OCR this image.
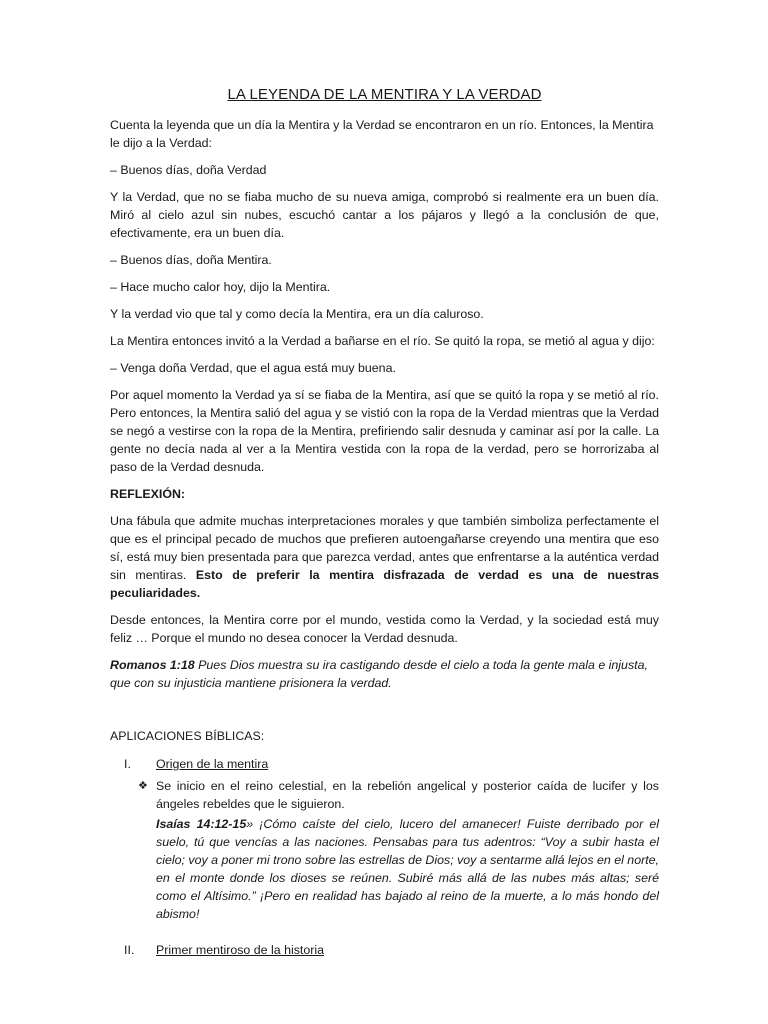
LA LEYENDA DE LA MENTIRA Y LA VERDAD

Cuenta la leyenda que un día la Mentira y la Verdad se encontraron en un río. Entonces, la Mentira le dijo a la Verdad:

– Buenos días, doña Verdad

Y la Verdad, que no se fiaba mucho de su nueva amiga, comprobó si realmente era un buen día. Miró al cielo azul sin nubes, escuchó cantar a los pájaros y llegó a la conclusión de que, efectivamente, era un buen día.

– Buenos días, doña Mentira.

– Hace mucho calor hoy, dijo la Mentira.

Y la verdad vio que tal y como decía la Mentira, era un día caluroso.

La Mentira entonces invitó a la Verdad a bañarse en el río. Se quitó la ropa, se metió al agua y dijo:

– Venga doña Verdad, que el agua está muy buena.

Por aquel momento la Verdad ya sí se fiaba de la Mentira, así que se quitó la ropa y se metió al río. Pero entonces, la Mentira salió del agua y se vistió con la ropa de la Verdad mientras que la Verdad se negó a vestirse con la ropa de la Mentira, prefiriendo salir desnuda y caminar así por la calle. La gente no decía nada al ver a la Mentira vestida con la ropa de la verdad, pero se horrorizaba al paso de la Verdad desnuda.

REFLEXIÓN:

Una fábula que admite muchas interpretaciones morales y que también simboliza perfectamente el que es el principal pecado de muchos que prefieren autoengañarse creyendo una mentira que eso sí, está muy bien presentada para que parezca verdad, antes que enfrentarse a la auténtica verdad sin mentiras. Esto de preferir la mentira disfrazada de verdad es una de nuestras peculiaridades.

Desde entonces, la Mentira corre por el mundo, vestida como la Verdad, y la sociedad está muy feliz … Porque el mundo no desea conocer la Verdad desnuda.

Romanos 1:18 Pues Dios muestra su ira castigando desde el cielo a toda la gente mala e injusta, que con su injusticia mantiene prisionera la verdad.

APLICACIONES BÍBLICAS:

I.	Origen de la mentira
❖ Se inicio en el reino celestial, en la rebelión angelical y posterior caída de lucifer y los ángeles rebeldes que le siguieron.
Isaías 14:12-15» ¡Cómo caíste del cielo, lucero del amanecer! Fuiste derribado por el suelo, tú que vencías a las naciones. Pensabas para tus adentros: “Voy a subir hasta el cielo; voy a poner mi trono sobre las estrellas de Dios; voy a sentarme allá lejos en el norte, en el monte donde los dioses se reúnen. Subiré más allá de las nubes más altas; seré como el Altísimo.” ¡Pero en realidad has bajado al reino de la muerte, a lo más hondo del abismo!
II.	Primer mentiroso de la historia
